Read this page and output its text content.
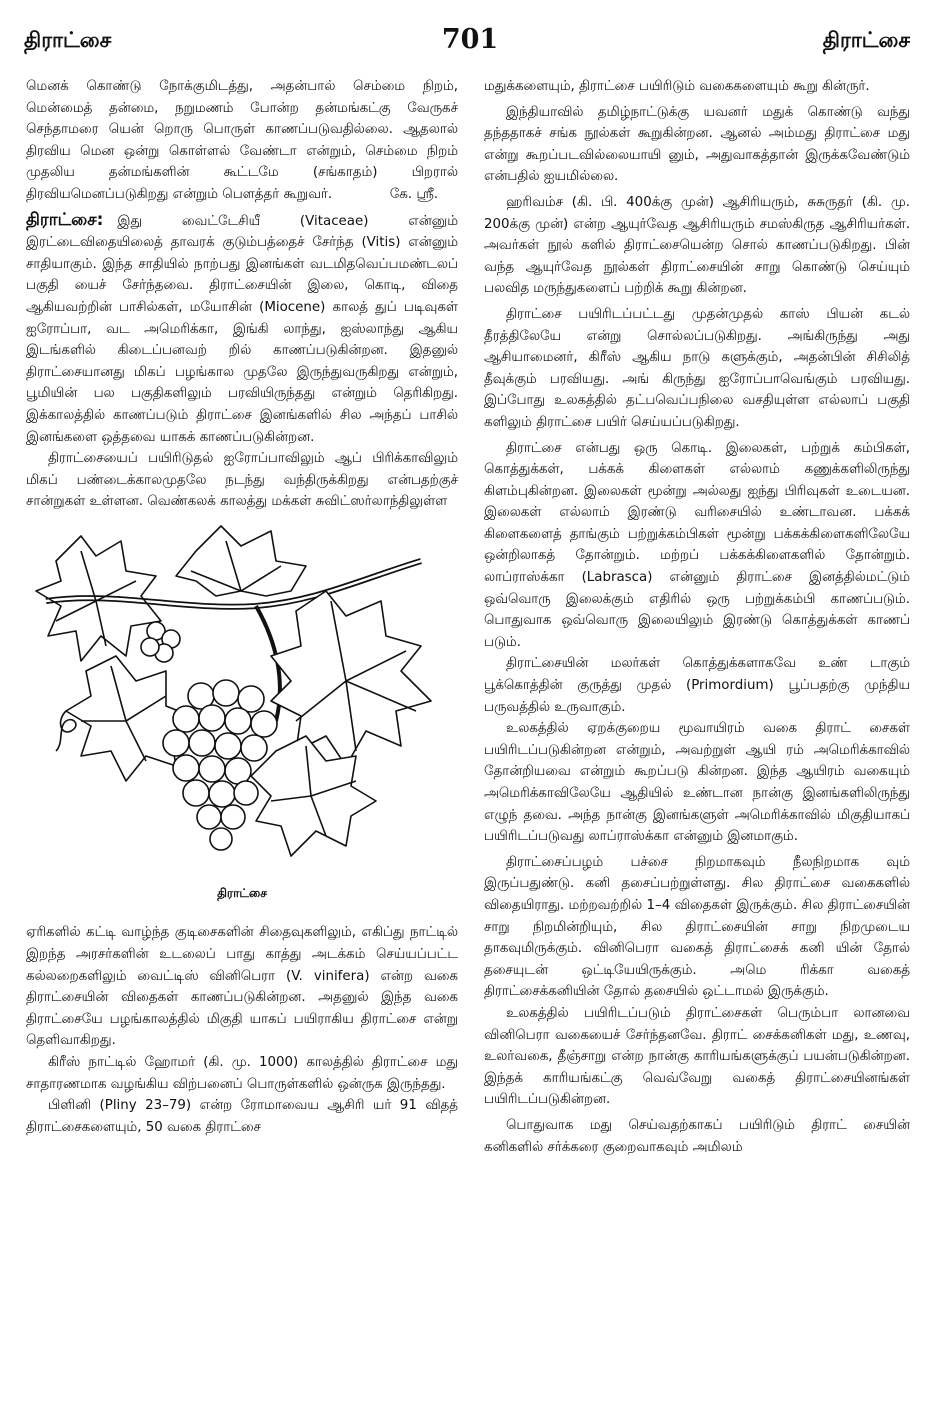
திராட்சை	701	திராட்சை

மெனக் கொண்டு நோக்குமிடத்து, அதன்பால் செம்மை நிறம், மென்மைத் தன்மை, நறுமணம் போன்ற தன்மங்கட்கு வேருகச் செந்தாமரை யென் றொரு பொருள் காணப்படுவதில்லை. ஆதலால் திரவிய மென ஒன்று கொள்ளல் வேண்டா என்றும், செம்மை நிறம் முதலிய தன்மங்களின் கூட்டமே (சங்காதம்) பிறரால் திரவியமெனப்படுகிறது என்றும் பௌத்தர் கூறுவர்.	கே. ஸ்ரீ.

திராட்சை: இது வைட்டேசியீ (Vitaceae) என்னும் இரட்டைவிதையிலைத் தாவரக் குடும்பத்தைச் சேர்ந்த (Vitis) என்னும் சாதியாகும். இந்த சாதியில் நாற்பது இனங்கள் வடமிதவெப்பமண்டலப் பகுதி யைச் சேர்ந்தவை. திராட்சையின் இலை, கொடி, விதை ஆகியவற்றின் பாசில்கள், மயோசின் (Miocene) காலத் துப் படிவுகள் ஐரோப்பா, வட அமெரிக்கா, இங்கி லாந்து, ஐஸ்லாந்து ஆகிய இடங்களில் கிடைப்பனவற் றில் காணப்படுகின்றன. இதனுல் திராட்சையானது மிகப் பழங்கால முதலே இருந்துவருகிறது என்றும், பூமியின் பல பகுதிகளிலும் பரவியிருந்தது என்றும் தெரிகிறது. இக்காலத்தில் காணப்படும் திராட்சை இனங்களில் சில அந்தப் பாசில் இனங்களை ஒத்தவை யாகக் காணப்படுகின்றன.

திராட்சையைப் பயிரிடுதல் ஐரோப்பாவிலும் ஆப் பிரிக்காவிலும் மிகப் பண்டைக்காலமுதலே நடந்து வந்திருக்கிறது என்பதற்குச் சான்றுகள் உள்ளன. வெண்கலக் காலத்து மக்கள் சுவிட்ஸர்லாந்திலுள்ள

திராட்சை

ஏரிகளில் கட்டி வாழ்ந்த குடிசைகளின் சிதைவுகளிலும், எகிப்து நாட்டில் இறந்த அரசர்களின் உடலைப் பாது காத்து அடக்கம் செய்யப்பட்ட கல்லறைகளிலும் வைட்டிஸ் வினிபெரா (V. vinifera) என்ற வகை திராட்சையின் விதைகள் காணப்படுகின்றன. அதனுல் இந்த வகை திராட்சையே பழங்காலத்தில் மிகுதி யாகப் பயிராகிய திராட்சை என்று தெளிவாகிறது.

கிரீஸ் நாட்டில் ஹோமர் (கி. மு. 1000) காலத்தில் திராட்சை மது சாதாரணமாக வழங்கிய விற்பனைப் பொருள்களில் ஒன்ருக இருந்தது.

பிளினி (Pliny 23–79) என்ற ரோமாவைய ஆசிரி யர் 91 விதத் திராட்சைகளையும், 50 வகை திராட்சை

மதுக்களையும், திராட்சை பயிரிடும் வகைகளையும் கூறு கின்ருர்.

இந்தியாவில் தமிழ்நாட்டுக்கு யவனர் மதுக் கொண்டு வந்து தந்ததாகச் சங்க நூல்கள் கூறுகின்றன. ஆனல் அம்மது திராட்சை மது என்று கூறப்படவில்லையாயி னும், அதுவாகத்தான் இருக்கவேண்டும் என்பதில் ஐயமில்லை.

ஹரிவம்ச (கி. பி. 400க்கு முன்) ஆசிரியரும், சுசுருதர் (கி. மு. 200க்கு முன்) என்ற ஆயுர்வேத ஆசிரியரும் சமஸ்கிருத ஆசிரியர்கள். அவர்கள் நூல் களில் திராட்சையென்ற சொல் காணப்படுகிறது. பின் வந்த ஆயுர்வேத நூல்கள் திராட்சையின் சாறு கொண்டு செய்யும் பலவித மருந்துகளைப் பற்றிக் கூறு கின்றன.

திராட்சை பயிரிடப்பட்டது முதன்முதல் காஸ் பியன் கடல் தீரத்திலேயே என்று சொல்லப்படுகிறது. அங்கிருந்து அது ஆசியாமைனர், கிரீஸ் ஆகிய நாடு களுக்கும், அதன்பின் சிசிலித் தீவுக்கும் பரவியது. அங் கிருந்து ஐரோப்பாவெங்கும் பரவியது. இப்போது உலகத்தில் தட்பவெப்பநிலை வசதியுள்ள எல்லாப் பகுதி களிலும் திராட்சை பயிர் செய்யப்படுகிறது.

திராட்சை என்பது ஒரு கொடி. இலைகள், பற்றுக் கம்பிகள், கொத்துக்கள், பக்கக் கிளைகள் எல்லாம் கணுக்களிலிருந்து கிளம்புகின்றன. இலைகள் மூன்று அல்லது ஐந்து பிரிவுகள் உடையன. இலைகள் எல்லாம் இரண்டு வரிசையில் உண்டாவன. பக்கக் கிளைகளைத் தாங்கும் பற்றுக்கம்பிகள் மூன்று பக்கக்கிளைகளிலேயே ஒன்றிலாகத் தோன்றும். மற்றப் பக்கக்கிளைகளில் தோன்றும். லாப்ராஸ்க்கா (Labrasca) என்னும் திராட்சை இனத்தில்மட்டும் ஒவ்வொரு இலைக்கும் எதிரில் ஒரு பற்றுக்கம்பி காணப்படும். பொதுவாக ஒவ்வொரு இலையிலும் இரண்டு கொத்துக்கள் காணப் படும்.

திராட்சையின் மலர்கள் கொத்துக்களாகவே உண் டாகும் பூக்கொத்தின் குருத்து முதல் (Primordium) பூப்பதற்கு முந்திய பருவத்தில் உருவாகும்.

உலகத்தில் ஏறக்குறைய மூவாயிரம் வகை திராட் சைகள் பயிரிடப்படுகின்றன என்றும், அவற்றுள் ஆயி ரம் அமெரிக்காவில் தோன்றியவை என்றும் கூறப்படு கின்றன. இந்த ஆயிரம் வகையும் அமெரிக்காவிலேயே ஆதியில் உண்டான நான்கு இனங்களிலிருந்து எழுந் தவை. அந்த நான்கு இனங்களுள் அமெரிக்காவில் மிகுதியாகப் பயிரிடப்படுவது லாப்ராஸ்க்கா என்னும் இனமாகும்.

திராட்சைப்பழம் பச்சை நிறமாகவும் நீலநிறமாக வும் இருப்பதுண்டு. கனி தசைப்பற்றுள்ளது. சில திராட்சை வகைகளில் விதையிராது. மற்றவற்றில் 1–4 விதைகள் இருக்கும். சில திராட்சையின் சாறு நிறமின்றியும், சில திராட்சையின் சாறு நிறமுடைய தாகவுமிருக்கும். வினிபெரா வகைத் திராட்சைக் கனி யின் தோல் தசையுடன் ஒட்டியேயிருக்கும். அமெ ரிக்கா வகைத் திராட்சைக்கனியின் தோல் தசையில் ஒட்டாமல் இருக்கும்.

உலகத்தில் பயிரிடப்படும் திராட்சைகள் பெரும்பா லானவை வினிபெரா வகையைச் சேர்ந்தனவே. திராட் சைக்கனிகள் மது, உணவு, உலர்வகை, தீஞ்சாறு என்ற நான்கு காரியங்களுக்குப் பயன்படுகின்றன. இந்தக் காரியங்கட்கு வெவ்வேறு வகைத் திராட்சையினங்கள் பயிரிடப்படுகின்றன.

பொதுவாக மது செய்வதற்காகப் பயிரிடும் திராட் சையின் கனிகளில் சர்க்கரை குறைவாகவும் அமிலம்
